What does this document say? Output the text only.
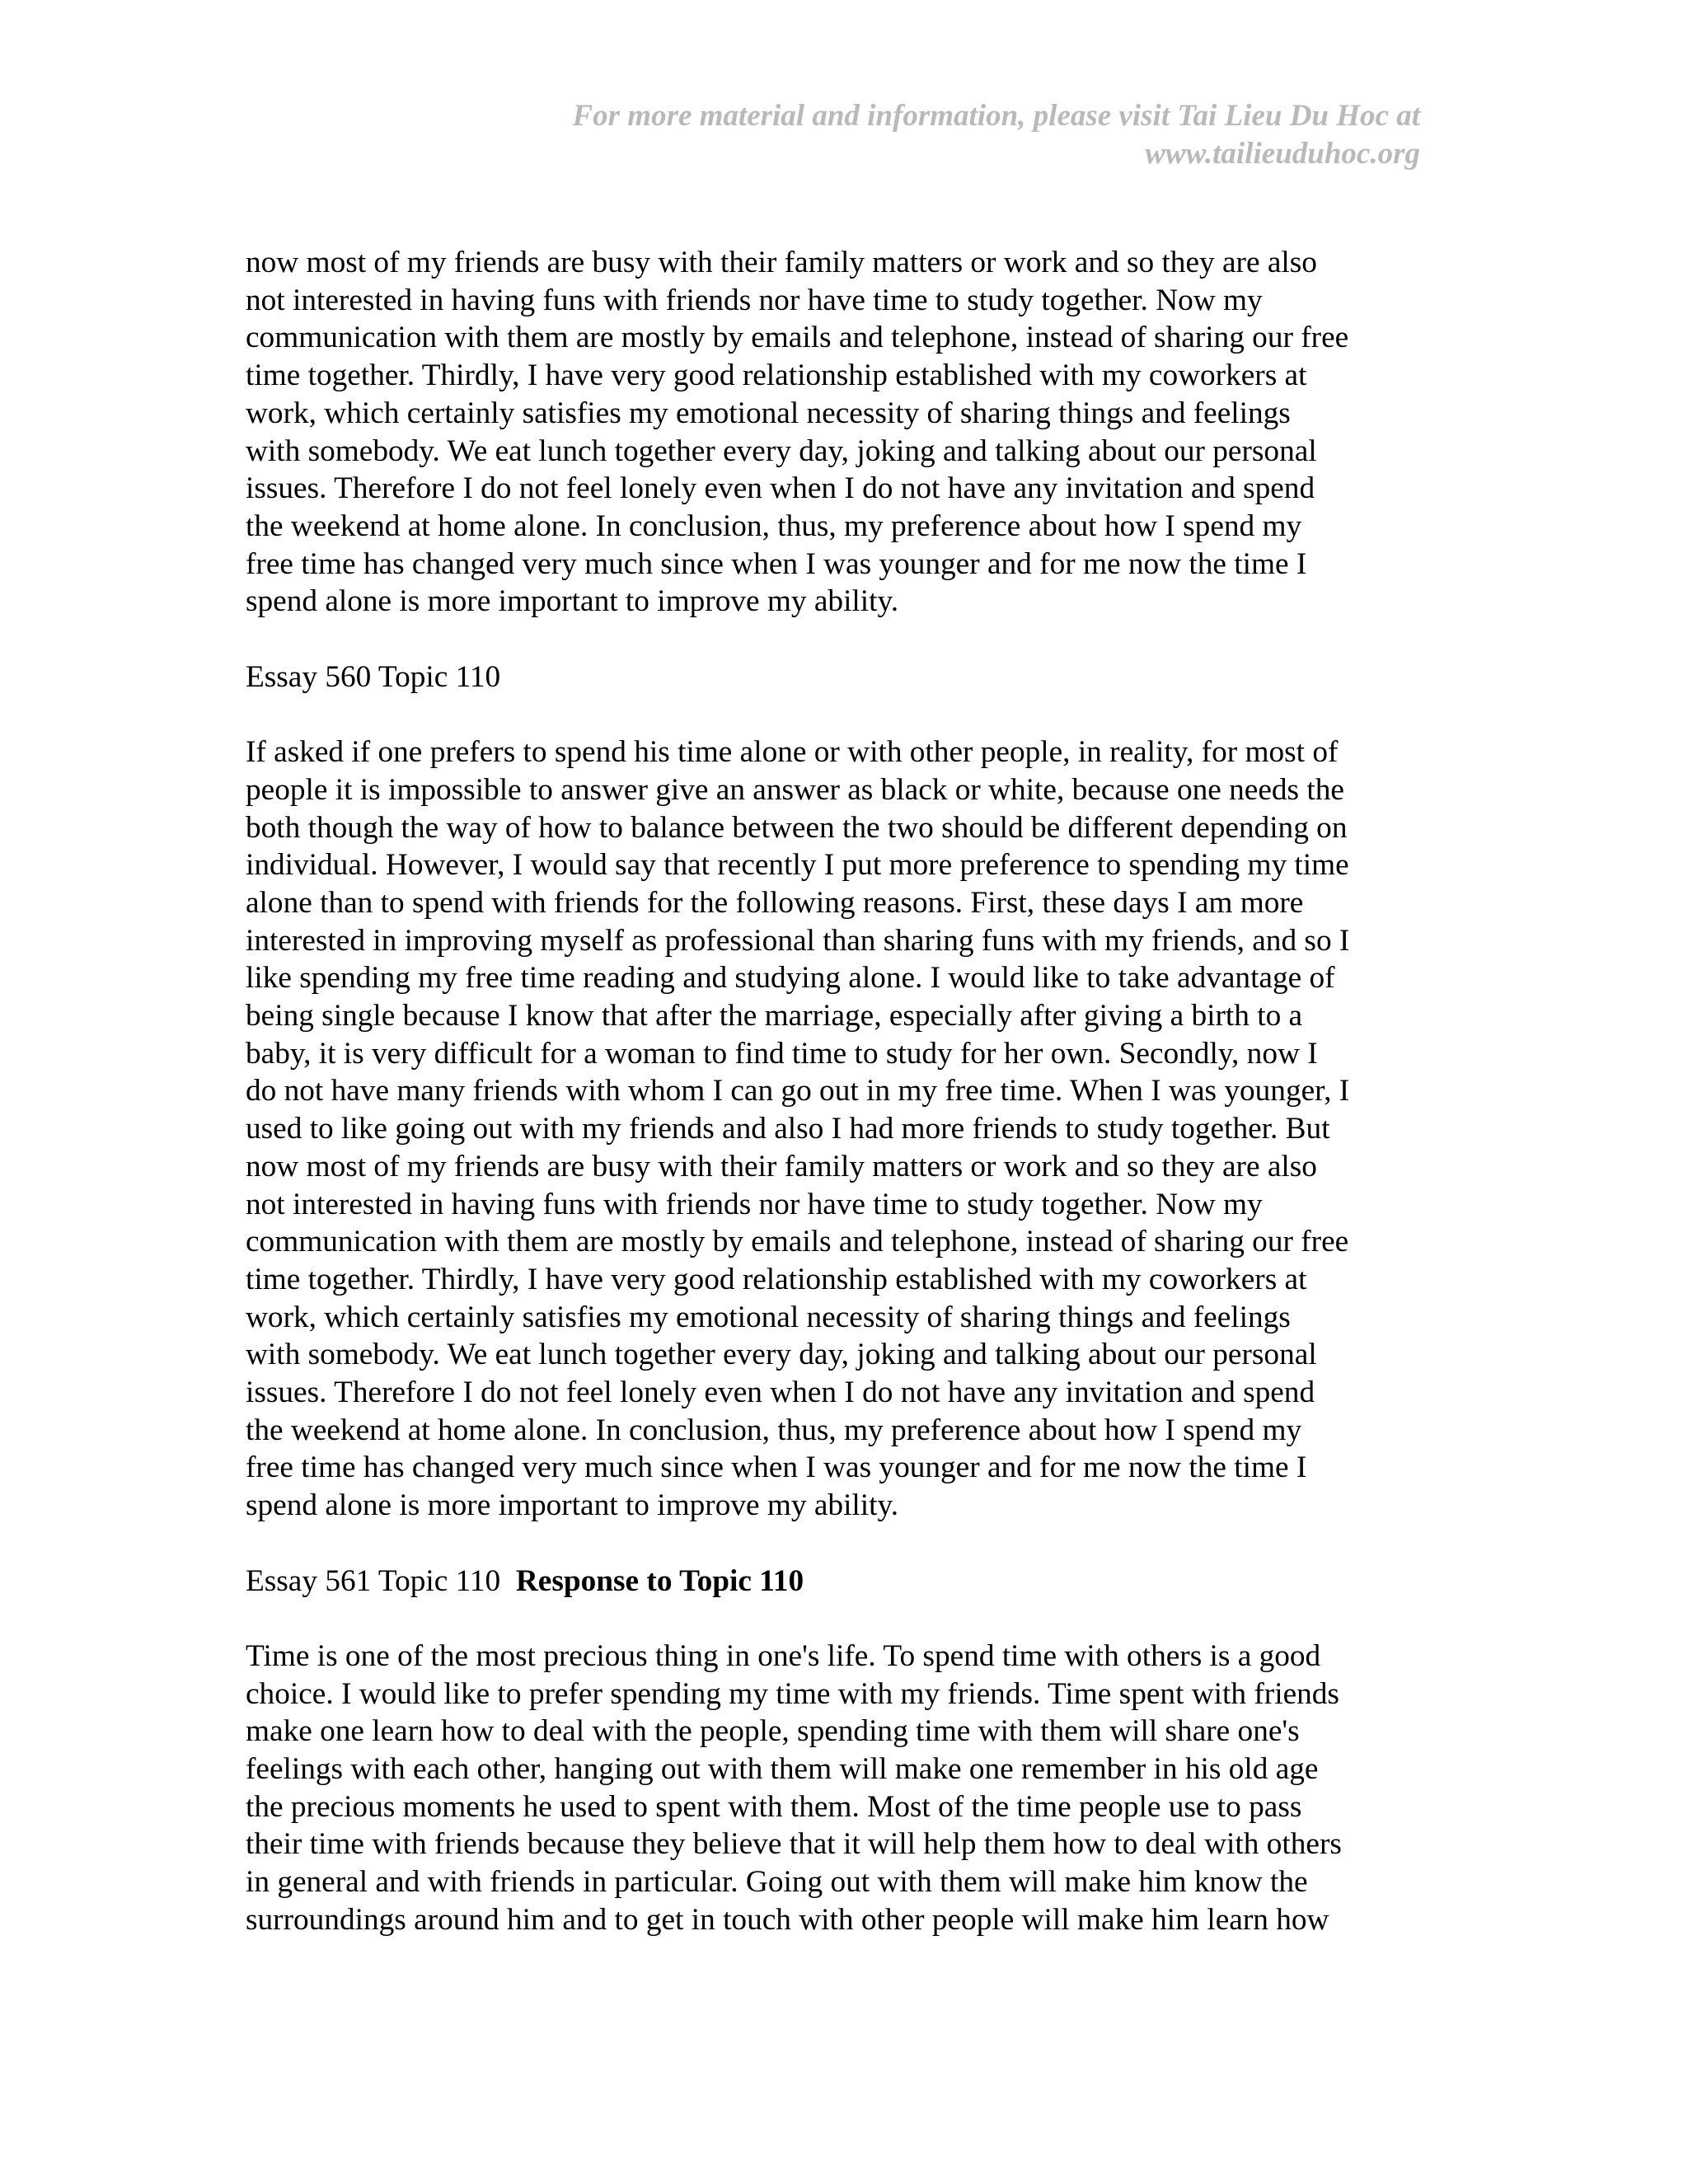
For more material and information, please visit Tai Lieu Du Hoc at
www.tailieuduhoc.org
now most of my friends are busy with their family matters or work and so they are also
not interested in having funs with friends nor have time to study together. Now my
communication with them are mostly by emails and telephone, instead of sharing our free
time together. Thirdly, I have very good relationship established with my coworkers at
work, which certainly satisfies my emotional necessity of sharing things and feelings
with somebody. We eat lunch together every day, joking and talking about our personal
issues. Therefore I do not feel lonely even when I do not have any invitation and spend
the weekend at home alone. In conclusion, thus, my preference about how I spend my
free time has changed very much since when I was younger and for me now the time I
spend alone is more important to improve my ability.
Essay 560 Topic 110
If asked if one prefers to spend his time alone or with other people, in reality, for most of
people it is impossible to answer give an answer as black or white, because one needs the
both though the way of how to balance between the two should be different depending on
individual. However, I would say that recently I put more preference to spending my time
alone than to spend with friends for the following reasons. First, these days I am more
interested in improving myself as professional than sharing funs with my friends, and so I
like spending my free time reading and studying alone. I would like to take advantage of
being single because I know that after the marriage, especially after giving a birth to a
baby, it is very difficult for a woman to find time to study for her own. Secondly, now I
do not have many friends with whom I can go out in my free time. When I was younger, I
used to like going out with my friends and also I had more friends to study together. But
now most of my friends are busy with their family matters or work and so they are also
not interested in having funs with friends nor have time to study together. Now my
communication with them are mostly by emails and telephone, instead of sharing our free
time together. Thirdly, I have very good relationship established with my coworkers at
work, which certainly satisfies my emotional necessity of sharing things and feelings
with somebody. We eat lunch together every day, joking and talking about our personal
issues. Therefore I do not feel lonely even when I do not have any invitation and spend
the weekend at home alone. In conclusion, thus, my preference about how I spend my
free time has changed very much since when I was younger and for me now the time I
spend alone is more important to improve my ability.
Essay 561 Topic 110 Response to Topic 110
Time is one of the most precious thing in one's life. To spend time with others is a good
choice. I would like to prefer spending my time with my friends. Time spent with friends
make one learn how to deal with the people, spending time with them will share one's
feelings with each other, hanging out with them will make one remember in his old age
the precious moments he used to spent with them. Most of the time people use to pass
their time with friends because they believe that it will help them how to deal with others
in general and with friends in particular. Going out with them will make him know the
surroundings around him and to get in touch with other people will make him learn how
